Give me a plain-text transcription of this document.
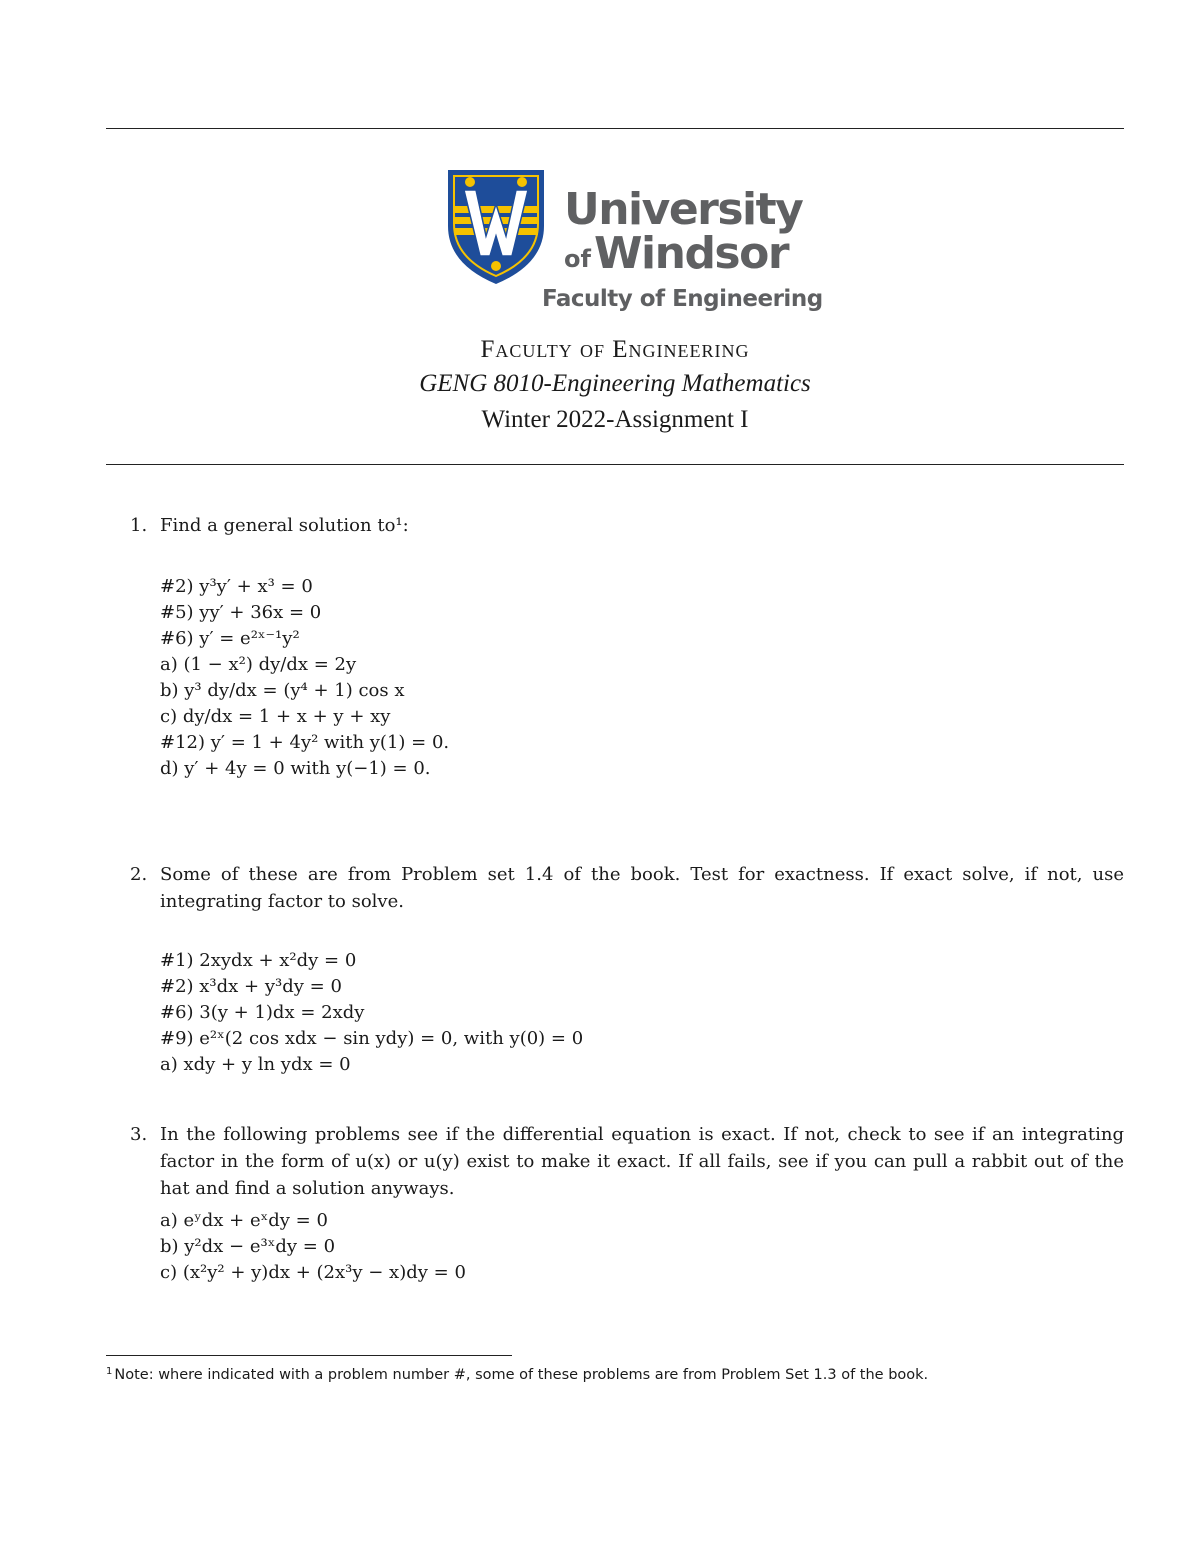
University
of Windsor
Faculty of Engineering
Faculty of Engineering
GENG 8010-Engineering Mathematics
Winter 2022-Assignment I
1. Find a general solution to¹:
#2) y³y′ + x³ = 0
#5) yy′ + 36x = 0
#6) y′ = e²ˣ⁻¹y²
a) (1 − x²) dy/dx = 2y
b) y³ dy/dx = (y⁴ + 1) cos x
c) dy/dx = 1 + x + y + xy
#12) y′ = 1 + 4y² with y(1) = 0.
d) y′ + 4y = 0 with y(−1) = 0.
2. Some of these are from Problem set 1.4 of the book. Test for exactness. If exact solve, if not, use integrating factor to solve.
#1) 2xydx + x²dy = 0
#2) x³dx + y³dy = 0
#6) 3(y + 1)dx = 2xdy
#9) e²ˣ(2 cos xdx − sin ydy) = 0, with y(0) = 0
a) xdy + y ln ydx = 0
3. In the following problems see if the differential equation is exact. If not, check to see if an integrating factor in the form of u(x) or u(y) exist to make it exact. If all fails, see if you can pull a rabbit out of the hat and find a solution anyways.
a) eʸdx + eˣdy = 0
b) y²dx − e³ˣdy = 0
c) (x²y² + y)dx + (2x³y − x)dy = 0
$^1$ Note: where indicated with a problem number #, some of these problems are from Problem Set 1.3 of the book.
